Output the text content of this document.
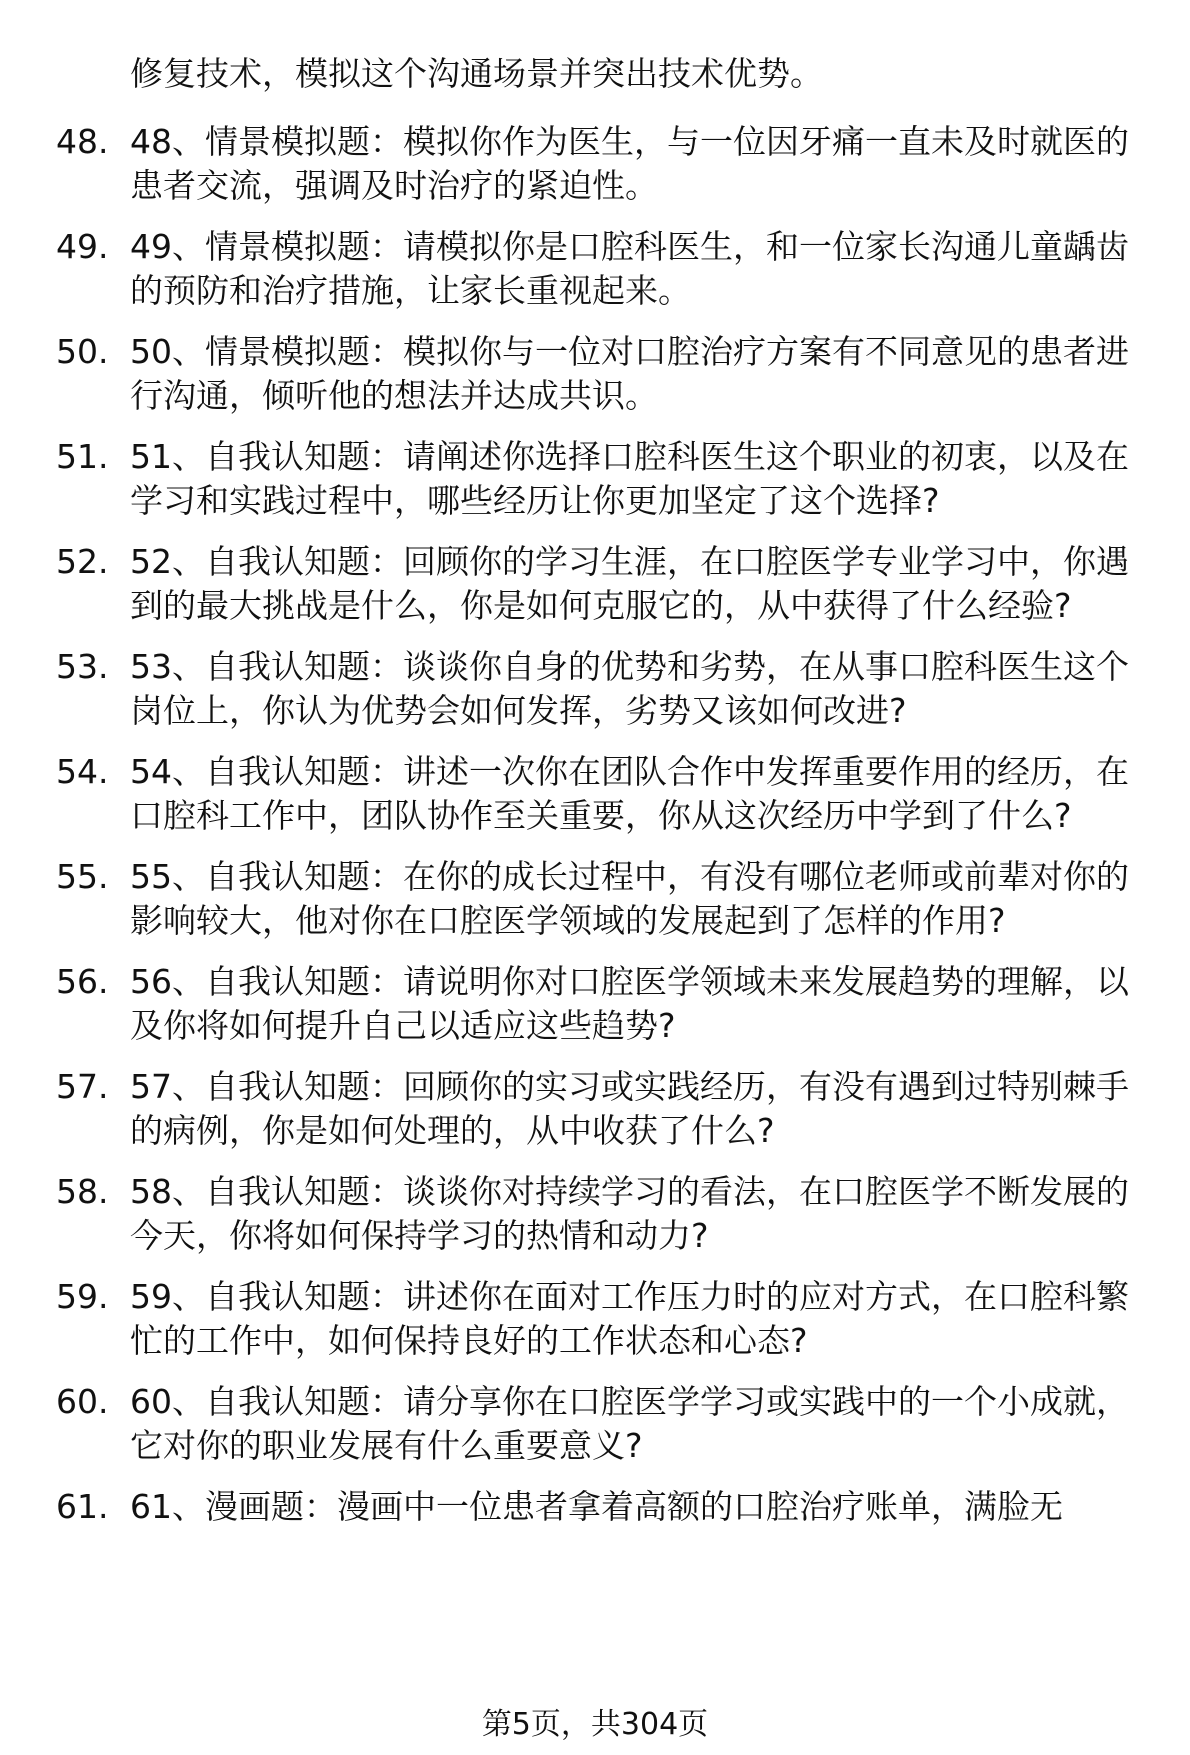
修复技术，模拟这个沟通场景并突出技术优势。
48. 48、情景模拟题：模拟你作为医生，与一位因牙痛一直未及时就医的患者交流，强调及时治疗的紧迫性。
49. 49、情景模拟题：请模拟你是口腔科医生，和一位家长沟通儿童龋齿的预防和治疗措施，让家长重视起来。
50. 50、情景模拟题：模拟你与一位对口腔治疗方案有不同意见的患者进行沟通，倾听他的想法并达成共识。
51. 51、自我认知题：请阐述你选择口腔科医生这个职业的初衷，以及在学习和实践过程中，哪些经历让你更加坚定了这个选择?
52. 52、自我认知题：回顾你的学习生涯，在口腔医学专业学习中，你遇到的最大挑战是什么，你是如何克服它的，从中获得了什么经验?
53. 53、自我认知题：谈谈你自身的优势和劣势，在从事口腔科医生这个岗位上，你认为优势会如何发挥，劣势又该如何改进?
54. 54、自我认知题：讲述一次你在团队合作中发挥重要作用的经历，在口腔科工作中，团队协作至关重要，你从这次经历中学到了什么?
55. 55、自我认知题：在你的成长过程中，有没有哪位老师或前辈对你的影响较大，他对你在口腔医学领域的发展起到了怎样的作用?
56. 56、自我认知题：请说明你对口腔医学领域未来发展趋势的理解，以及你将如何提升自己以适应这些趋势?
57. 57、自我认知题：回顾你的实习或实践经历，有没有遇到过特别棘手的病例，你是如何处理的，从中收获了什么?
58. 58、自我认知题：谈谈你对持续学习的看法，在口腔医学不断发展的今天，你将如何保持学习的热情和动力?
59. 59、自我认知题：讲述你在面对工作压力时的应对方式，在口腔科繁忙的工作中，如何保持良好的工作状态和心态?
60. 60、自我认知题：请分享你在口腔医学学习或实践中的一个小成就，它对你的职业发展有什么重要意义?
61. 61、漫画题：漫画中一位患者拿着高额的口腔治疗账单，满脸无
第5页，共304页
